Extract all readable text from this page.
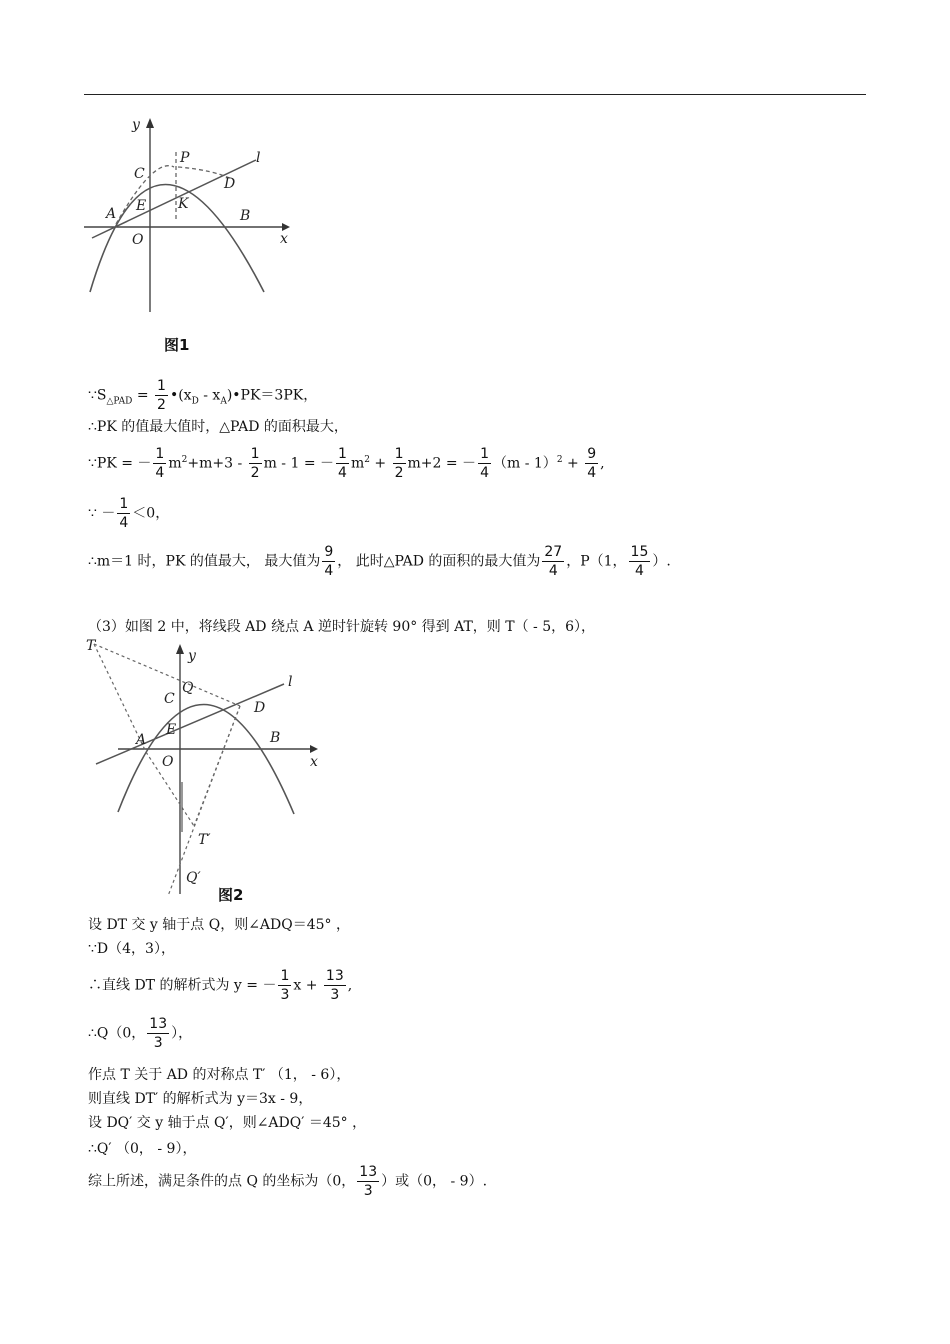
y
x
C
P	l
D
A E K
B
O
图1
$\because S_{\triangle PAD} = \frac{1}{2}$ $•(x_D$ - $x_A)•PK=3PK$，
∴PK 的值最大值时，△PAD 的面积最大，
∵PK = － $\frac{1}{4} m^2+m+3 - \frac{1}{2}$ m - 1 = － $\frac{1}{4} m^2 + \frac{1}{2} m+2$ = － $\frac{1}{4} (m - 1)^2 + \frac{9}{4}$ ,
∵ － $\frac{1}{4} <0$，
∴m＝1 时，PK 的值最大， 最大值为 $\frac{9}{4}$ ， 此时△PAD 的面积的最大值为 $\frac{27}{4}$ ，P（1， $\frac{15}{4}$ ）.
（3）如图 2 中，将线段 AD 绕点 A 逆时针旋转 90° 得到 AT，则 T（ - 5，6），
T
y
Q	l
C
D
E
A	B
O	x
T′
Q′
图2
设 DT 交 y 轴于点 Q，则∠ADQ＝45° ，
∵D（4，3），
∴直线 DT 的解析式为 y = － $\frac{1}{3}$ $x + \frac{13}{3}$ ,
∴Q（0， $\frac{13}{3}$ ），
作点 T 关于 AD 的对称点 T′ （1， - 6），
则直线 DT′ 的解析式为 y＝3x - 9，
设 DQ′ 交 y 轴于点 Q′，则∠ADQ′ ＝45° ，
∴Q′ （0， - 9），
综上所述，满足条件的点 Q 的坐标为（0， $\frac{13}{3}$ ）或（0， - 9）.
